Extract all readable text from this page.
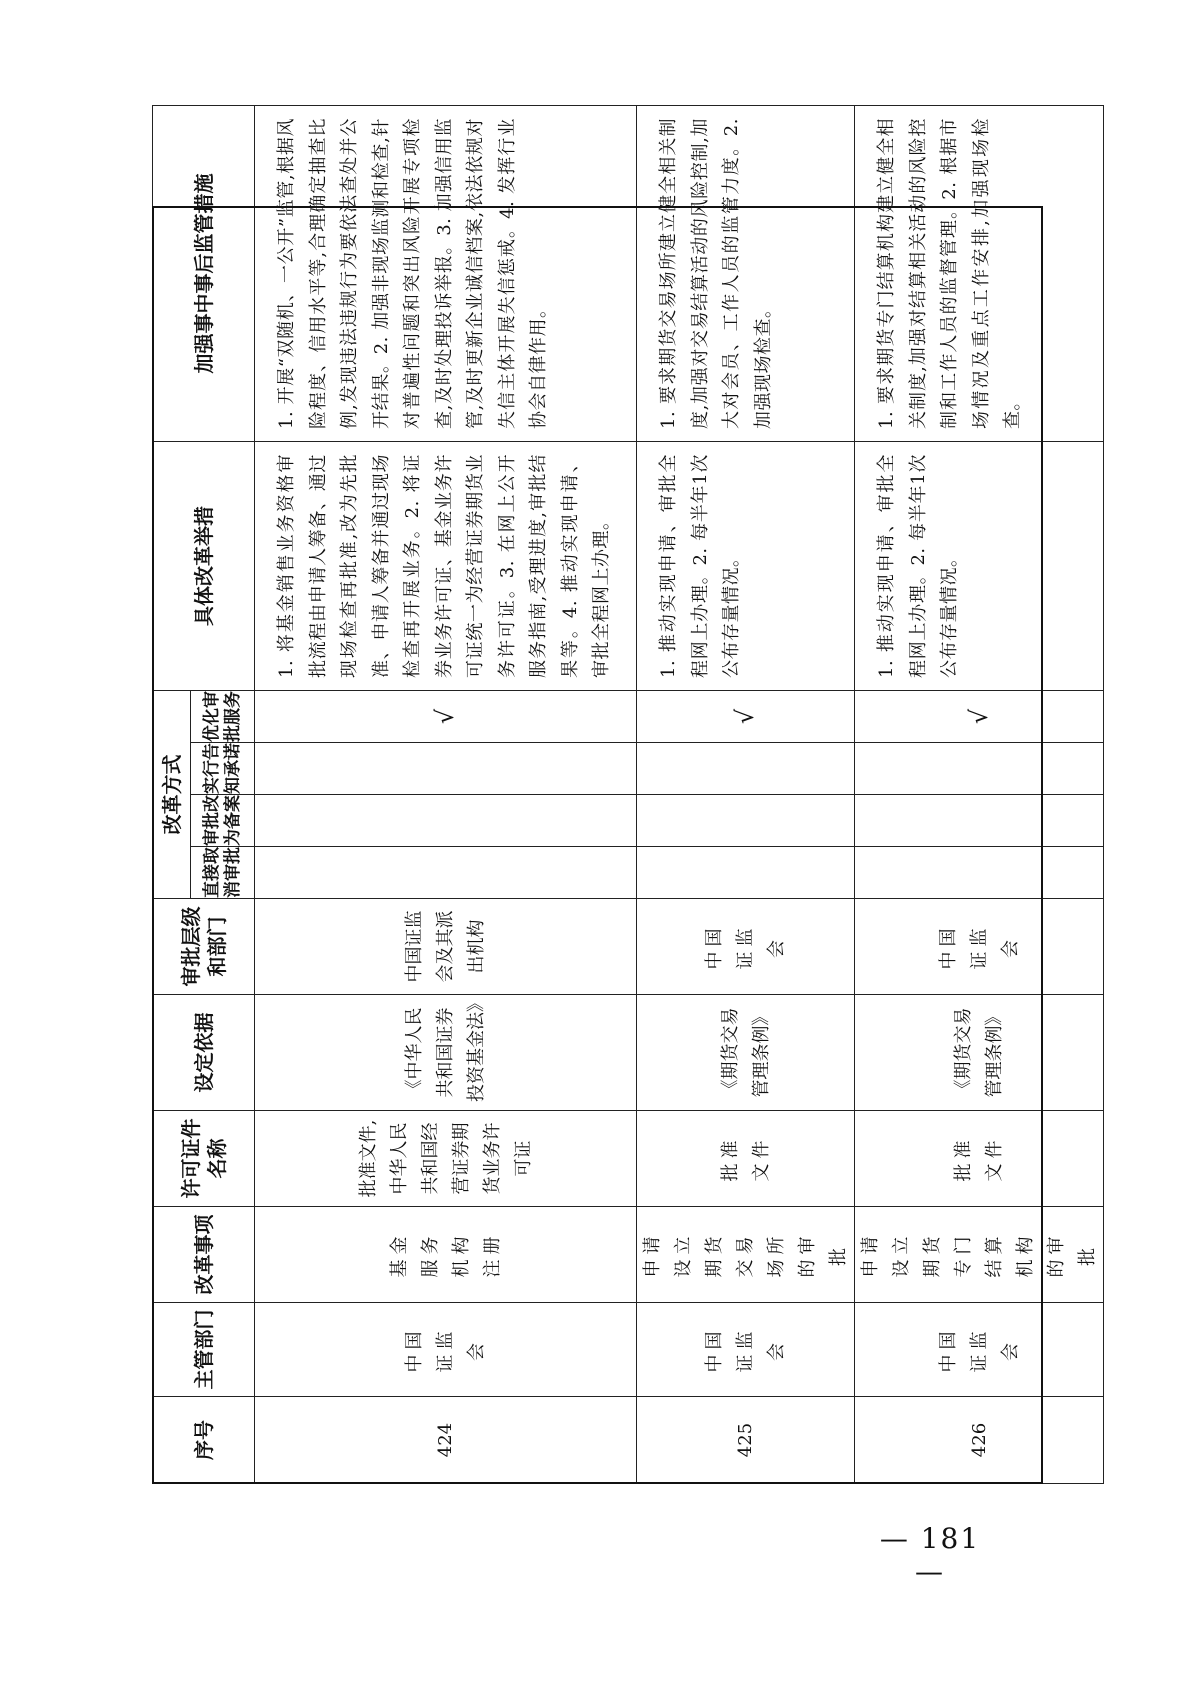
序号	主管部门	改革事项	许可证件名称	设定依据	审批层级和部门	改革方式				具体改革举措	加强事中事后监管措施
						直接取消审批	审批改为备案	实行告知承诺	优化审批服务		
424	中国证监会	基金服务机构注册	批准文件,中华人民共和国经营证券期货业务许可证	《中华人民共和国证券投资基金法》	中国证监会及其派出机构				√	1. 将基金销售业务资格审批流程由申请人筹备、通过现场检查再批准,改为先批准、申请人筹备并通过现场检查再开展业务。2. 将证券业务许可证、基金业务许可证统一为经营证券期货业务许可证。3. 在网上公开服务指南,受理进度,审批结果等。4. 推动实现申请、审批全程网上办理。	1. 开展“双随机、一公开”监管,根据风险程度、信用水平等,合理确定抽查比例,发现违法违规行为要依法查处并公开结果。2. 加强非现场监测和检查,针对普遍性问题和突出风险开展专项检查,及时处理投诉举报。3. 加强信用监管,及时更新企业诚信档案,依法依规对失信主体开展失信惩戒。4. 发挥行业协会自律作用。
425	中国证监会	申请设立期货交易场所的审批	批准文件	《期货交易管理条例》	中国证监会				√	1. 推动实现申请、审批全程网上办理。2. 每半年1次公布存量情况。	1. 要求期货交易场所建立健全相关制度,加强对交易结算活动的风险控制,加大对会员、工作人员的监管力度。2. 加强现场检查。
426	中国证监会	申请设立期货专门结算机构的审批	批准文件	《期货交易管理条例》	中国证监会				√	1. 推动实现申请、审批全程网上办理。2. 每半年1次公布存量情况。	1. 要求期货专门结算机构建立健全相关制度,加强对结算相关活动的风险控制和工作人员的监督管理。2. 根据市场情况及重点工作安排,加强现场检查。
— 181 —
